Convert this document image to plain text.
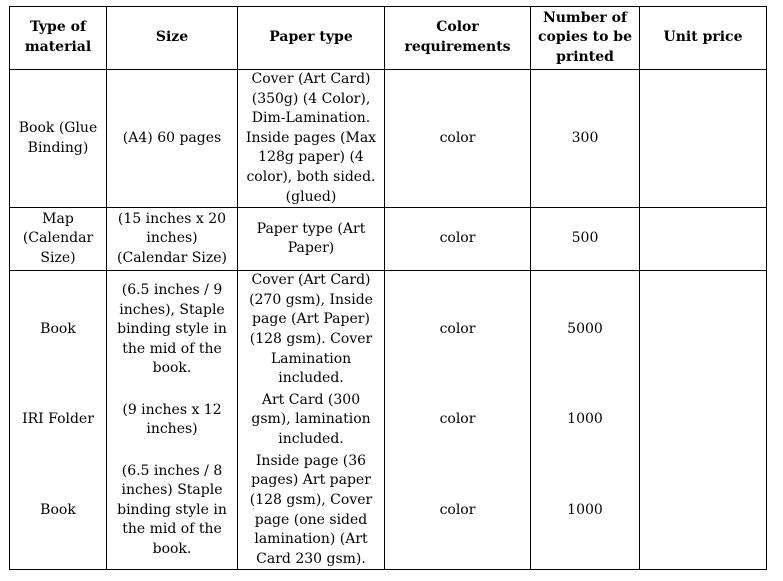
Type of material	Size	Paper type	Color requirements	Number of copies to be printed	Unit price
Book (Glue Binding)	(A4) 60 pages	Cover (Art Card) (350g) (4 Color), Dim-Lamination. Inside pages (Max 128g paper) (4 color), both sided. (glued)	color	300	
Map (Calendar Size)	(15 inches x 20 inches) (Calendar Size)	Paper type (Art Paper)	color	500	
Book	(6.5 inches / 9 inches), Staple binding style in the mid of the book.	Cover (Art Card) (270 gsm), Inside page (Art Paper) (128 gsm). Cover Lamination included.	color	5000	
IRI Folder	(9 inches x 12 inches)	Art Card (300 gsm), lamination included.	color	1000	
Book	(6.5 inches / 8 inches) Staple binding style in the mid of the book.	Inside page (36 pages) Art paper (128 gsm), Cover page (one sided lamination) (Art Card 230 gsm).	color	1000	
